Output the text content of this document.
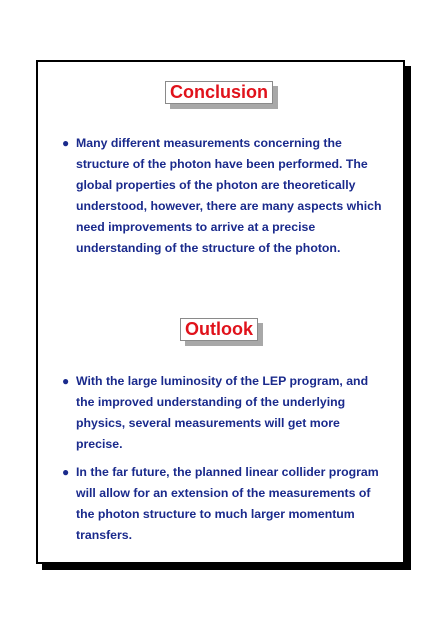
Conclusion
● Many different measurements concerning the structure of the photon have been performed. The global properties of the photon are theoretically understood, however, there are many aspects which need improvements to arrive at a precise understanding of the structure of the photon.
Outlook
● With the large luminosity of the LEP program, and the improved understanding of the underlying physics, several measurements will get more precise.
● In the far future, the planned linear collider program will allow for an extension of the measurements of the photon structure to much larger momentum transfers.
